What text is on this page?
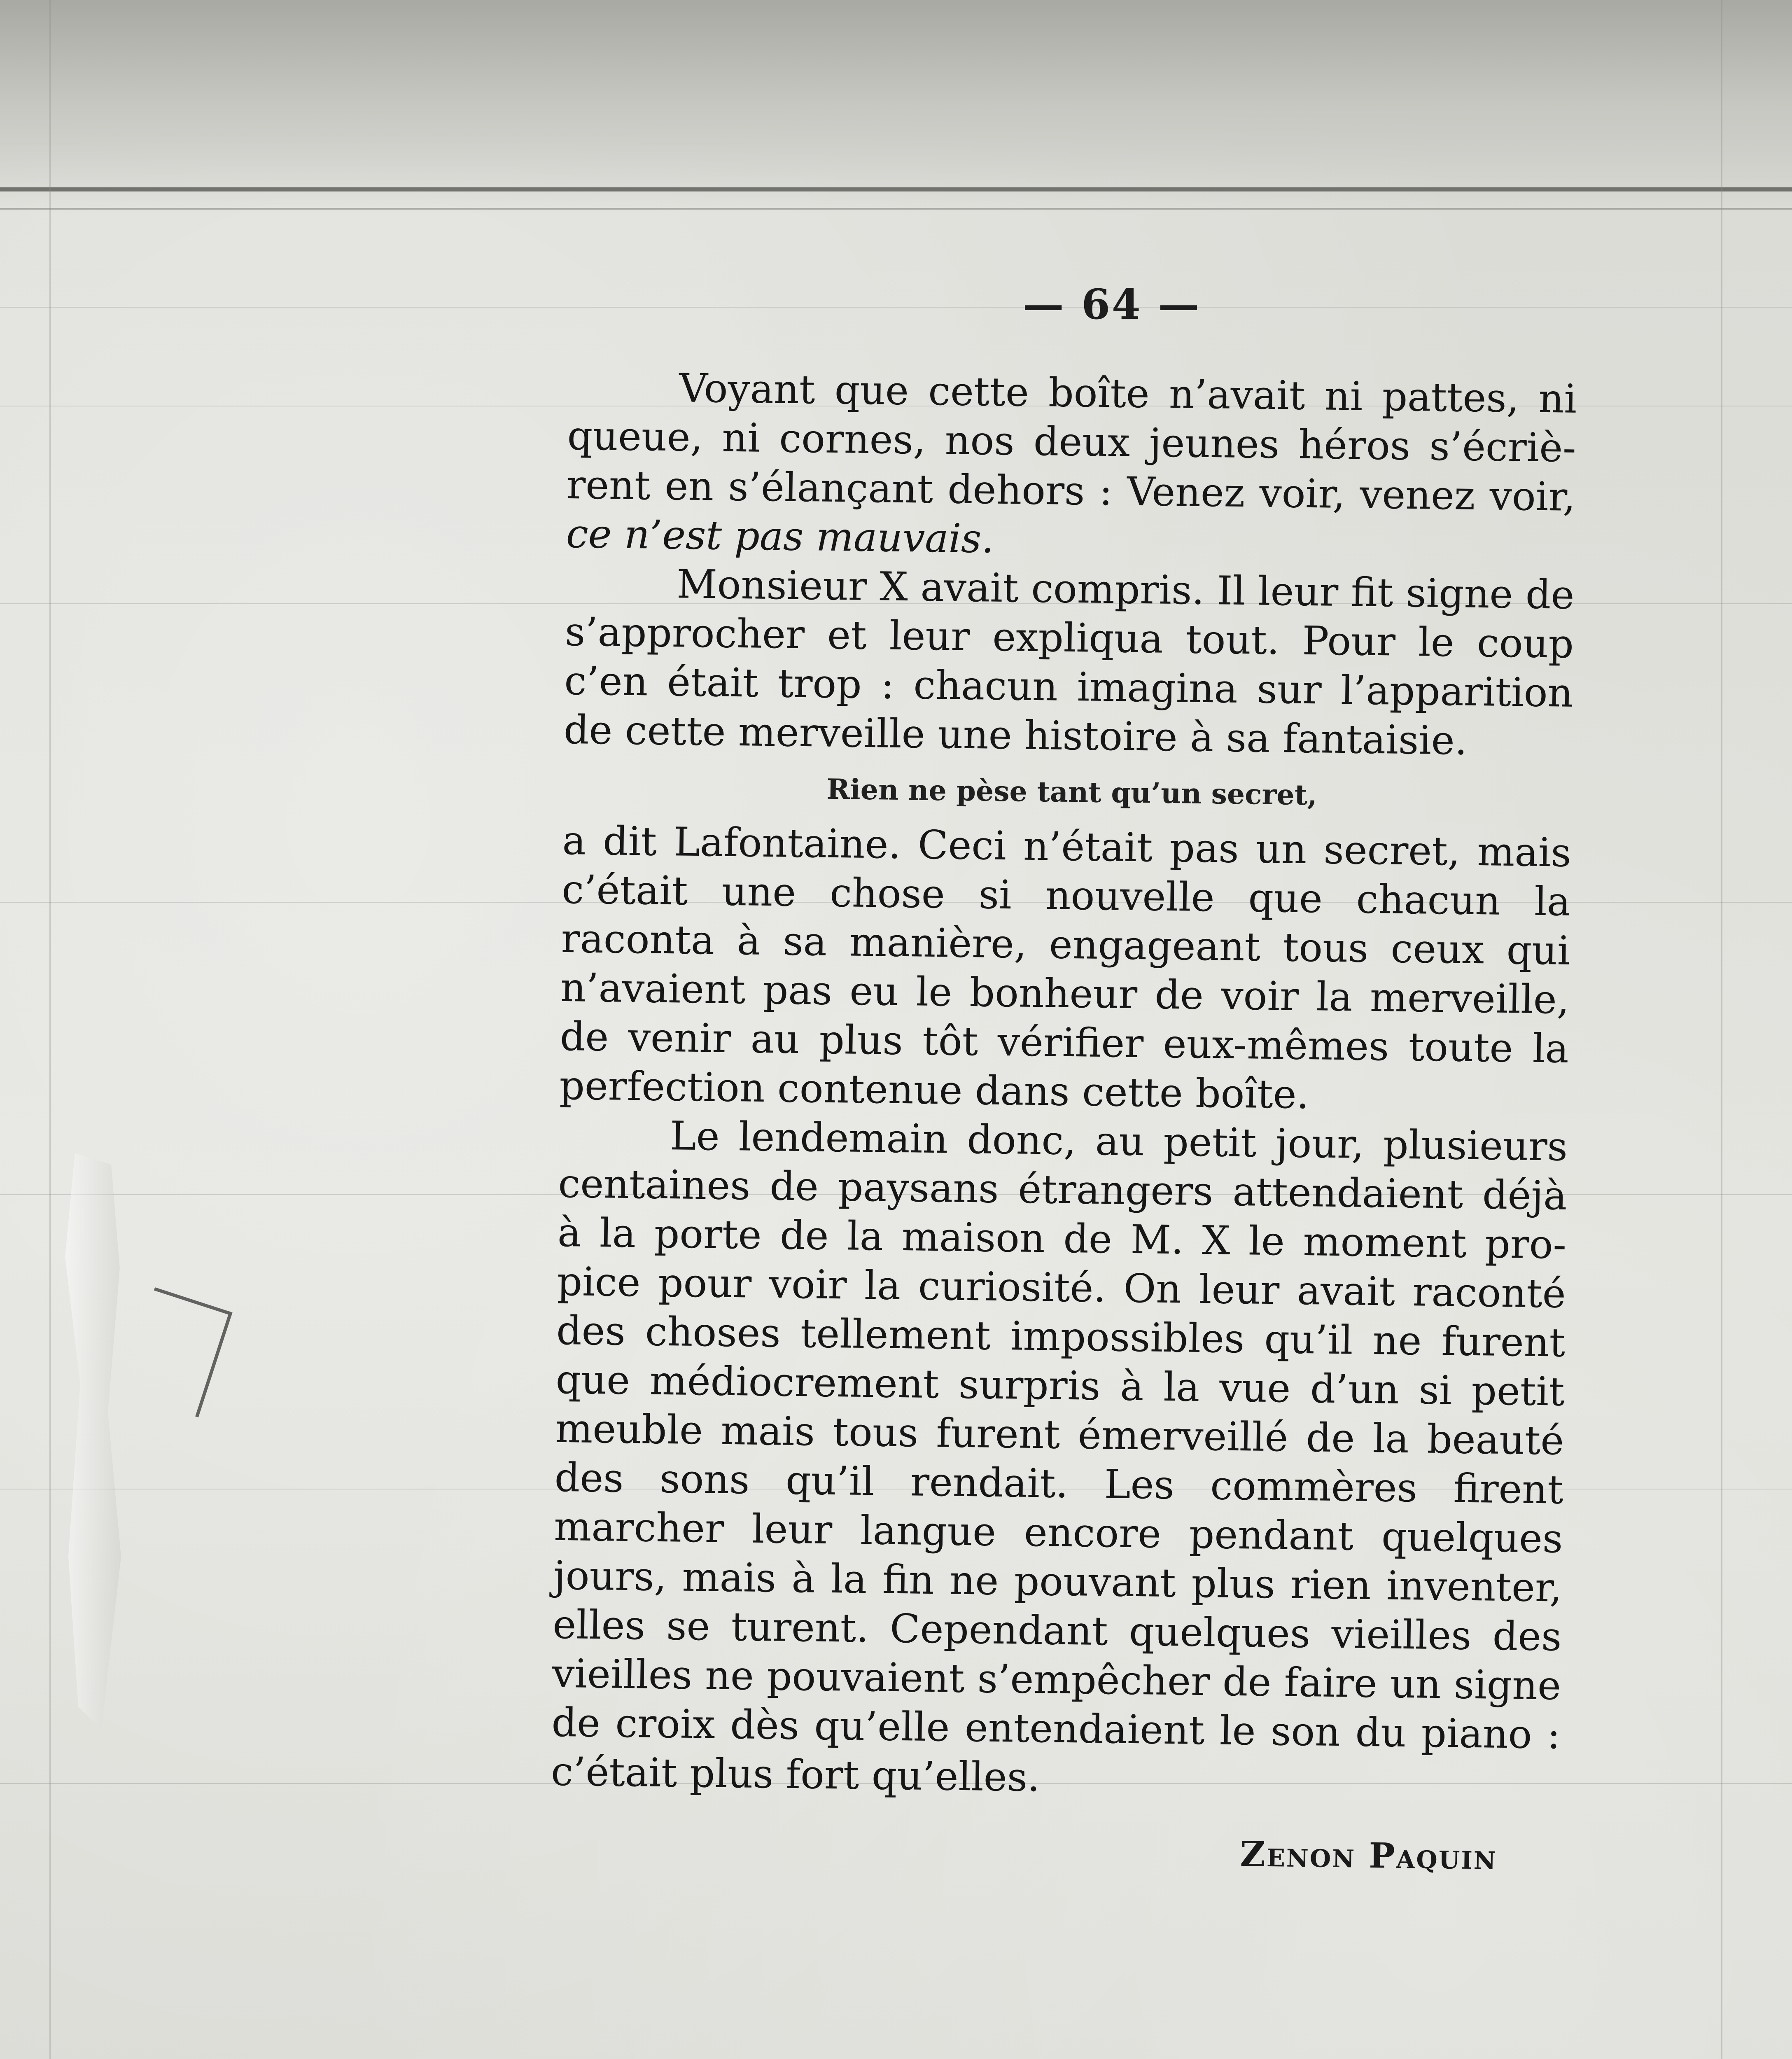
— 64 —

Voyant que cette boîte n’avait ni pattes, ni queue, ni cornes, nos deux jeunes héros s’écrièrent en s’élançant dehors : Venez voir, venez voir, ce n’est pas mauvais.

Monsieur X avait compris. Il leur fit signe de s’approcher et leur expliqua tout. Pour le coup c’en était trop : chacun imagina sur l’apparition de cette merveille une histoire à sa fantaisie.

Rien ne pèse tant qu’un secret,

a dit Lafontaine. Ceci n’était pas un secret, mais c’était une chose si nouvelle que chacun la raconta à sa manière, engageant tous ceux qui n’avaient pas eu le bonheur de voir la merveille, de venir au plus tôt vérifier eux-mêmes toute la perfection contenue dans cette boîte.

Le lendemain donc, au petit jour, plusieurs centaines de paysans étrangers attendaient déjà à la porte de la maison de M. X le moment propice pour voir la curiosité. On leur avait raconté des choses tellement impossibles qu’il ne furent que médiocrement surpris à la vue d’un si petit meuble mais tous furent émerveillé de la beauté des sons qu’il rendait. Les commères firent marcher leur langue encore pendant quelques jours, mais à la fin ne pouvant plus rien inventer, elles se turent. Cependant quelques vieilles des vieilles ne pouvaient s’empêcher de faire un signe de croix dès qu’elle entendaient le son du piano : c’était plus fort qu’elles.

Zenon Paquin
